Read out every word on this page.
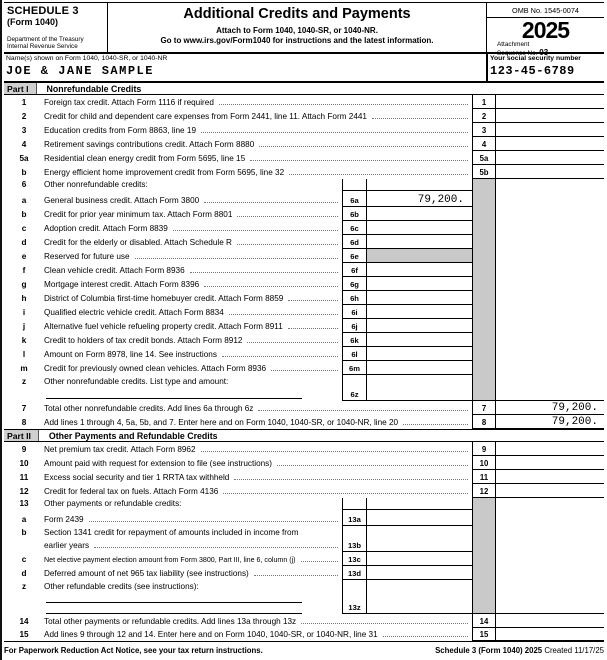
SCHEDULE 3
(Form 1040)
Department of the Treasury
Internal Revenue Service
Additional Credits and Payments
Attach to Form 1040, 1040-SR, or 1040-NR.
Go to www.irs.gov/Form1040 for instructions and the latest information.
OMB No. 1545-0074
2025
Attachment
Sequence No. 03
Name(s) shown on Form 1040, 1040-SR, or 1040-NR
JOE & JANE SAMPLE
Your social security number
123-45-6789
Part I	Nonrefundable Credits
1	Foreign tax credit. Attach Form 1116 if required	1
2	Credit for child and dependent care expenses from Form 2441, line 11. Attach Form 2441	2
3	Education credits from Form 8863, line 19	3
4	Retirement savings contributions credit. Attach Form 8880	4
5a	Residential clean energy credit from Form 5695, line 15	5a
b	Energy efficient home improvement credit from Form 5695, line 32	5b
6	Other nonrefundable credits:
a	General business credit. Attach Form 3800	6a	79,200.
b	Credit for prior year minimum tax. Attach Form 8801	6b
c	Adoption credit. Attach Form 8839	6c
d	Credit for the elderly or disabled. Attach Schedule R	6d
e	Reserved for future use	6e
f	Clean vehicle credit. Attach Form 8936	6f
g	Mortgage interest credit. Attach Form 8396	6g
h	District of Columbia first-time homebuyer credit. Attach Form 8859	6h
i	Qualified electric vehicle credit. Attach Form 8834	6i
j	Alternative fuel vehicle refueling property credit. Attach Form 8911	6j
k	Credit to holders of tax credit bonds. Attach Form 8912	6k
l	Amount on Form 8978, line 14. See instructions	6l
m	Credit for previously owned clean vehicles. Attach Form 8936	6m
z	Other nonrefundable credits. List type and amount:
6z
7	Total other nonrefundable credits. Add lines 6a through 6z	7	79,200.
8	Add lines 1 through 4, 5a, 5b, and 7. Enter here and on Form 1040, 1040-SR, or 1040-NR, line 20	8	79,200.
Part II	Other Payments and Refundable Credits
9	Net premium tax credit. Attach Form 8962	9
10	Amount paid with request for extension to file (see instructions)	10
11	Excess social security and tier 1 RRTA tax withheld	11
12	Credit for federal tax on fuels. Attach Form 4136	12
13	Other payments or refundable credits:
a	Form 2439	13a
b	Section 1341 credit for repayment of amounts included in income from
earlier years	13b
c	Net elective payment election amount from Form 3800, Part III, line 6, column (j)	13c
d	Deferred amount of net 965 tax liability (see instructions)	13d
z	Other refundable credits (see instructions):
13z
14	Total other payments or refundable credits. Add lines 13a through 13z	14
15	Add lines 9 through 12 and 14. Enter here and on Form 1040, 1040-SR, or 1040-NR, line 31	15
For Paperwork Reduction Act Notice, see your tax return instructions.	Schedule 3 (Form 1040) 2025 Created 11/17/25
